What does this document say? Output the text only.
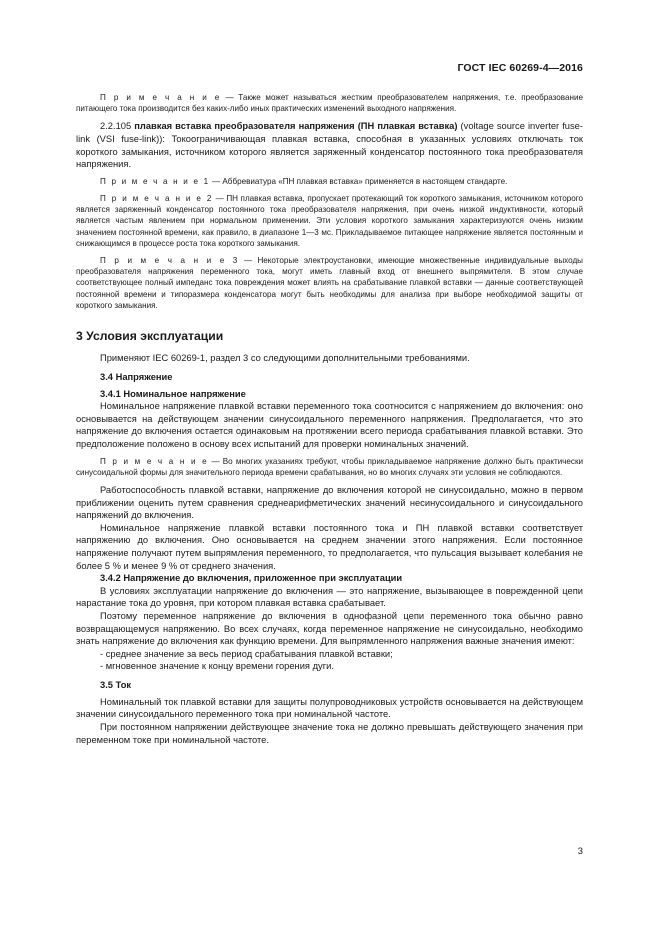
ГОСТ IEC 60269-4—2016

П р и м е ч а н и е — Также может называться жестким преобразователем напряжения, т.е. преобразование питающего тока производится без каких-либо иных практических изменений выходного напряжения.

2.2.105 плавкая вставка преобразователя напряжения (ПН плавкая вставка) (voltage source inverter fuse-link (VSI fuse-link)): Токоограничивающая плавкая вставка, способная в указанных условиях отключать ток короткого замыкания, источником которого является заряженный конденсатор постоянного тока преобразователя напряжения.

П р и м е ч а н и е 1 — Аббревиатура «ПН плавкая вставка» применяется в настоящем стандарте.

П р и м е ч а н и е 2 — ПН плавкая вставка, пропускает протекающий ток короткого замыкания, источником которого является заряженный конденсатор постоянного тока преобразователя напряжения, при очень низкой индуктивности, который является частым явлением при нормальном применении. Эти условия короткого замыкания характеризуются очень низким значением постоянной времени, как правило, в диапазоне 1—3 мс. Прикладываемое питающее напряжение является постоянным и снижающимся в процессе роста тока короткого замыкания.

П р и м е ч а н и е 3 — Некоторые электроустановки, имеющие множественные индивидуальные выходы преобразователя напряжения переменного тока, могут иметь главный вход от внешнего выпрямителя. В этом случае соответствующее полный импеданс тока повреждения может влиять на срабатывание плавкой вставки — данные соответствующей постоянной времени и типоразмера конденсатора могут быть необходимы для анализа при выборе необходимой защиты от короткого замыкания.

3 Условия эксплуатации

Применяют IEC 60269-1, раздел 3 со следующими дополнительными требованиями.

3.4 Напряжение

3.4.1 Номинальное напряжение

Номинальное напряжение плавкой вставки переменного тока соотносится с напряжением до включения: оно основывается на действующем значении синусоидального переменного напряжения. Предполагается, что это напряжение до включения остается одинаковым на протяжении всего периода срабатывания плавкой вставки. Это предположение положено в основу всех испытаний для проверки номинальных значений.

П р и м е ч а н и е — Во многих указаниях требуют, чтобы прикладываемое напряжение должно быть практически синусоидальной формы для значительного периода времени срабатывания, но во многих случаях эти условия не соблюдаются.

Работоспособность плавкой вставки, напряжение до включения которой не синусоидально, можно в первом приближении оценить путем сравнения среднеарифметических значений несинусоидального и синусоидального напряжений до включения.

Номинальное напряжение плавкой вставки постоянного тока и ПН плавкой вставки соответствует напряжению до включения. Оно основывается на среднем значении этого напряжения. Если постоянное напряжение получают путем выпрямления переменного, то предполагается, что пульсация вызывает колебания не более 5 % и менее 9 % от среднего значения.

3.4.2 Напряжение до включения, приложенное при эксплуатации

В условиях эксплуатации напряжение до включения — это напряжение, вызывающее в поврежденной цепи нарастание тока до уровня, при котором плавкая вставка срабатывает.

Поэтому переменное напряжение до включения в однофазной цепи переменного тока обычно равно возвращающемуся напряжению. Во всех случаях, когда переменное напряжение не синусоидально, необходимо знать напряжение до включения как функцию времени. Для выпрямленного напряжения важные значения имеют:

- среднее значение за весь период срабатывания плавкой вставки;

- мгновенное значение к концу времени горения дуги.

3.5 Ток

Номинальный ток плавкой вставки для защиты полупроводниковых устройств основывается на действующем значении синусоидального переменного тока при номинальной частоте.

При постоянном напряжении действующее значение тока не должно превышать действующего значения при переменном токе при номинальной частоте.

3
